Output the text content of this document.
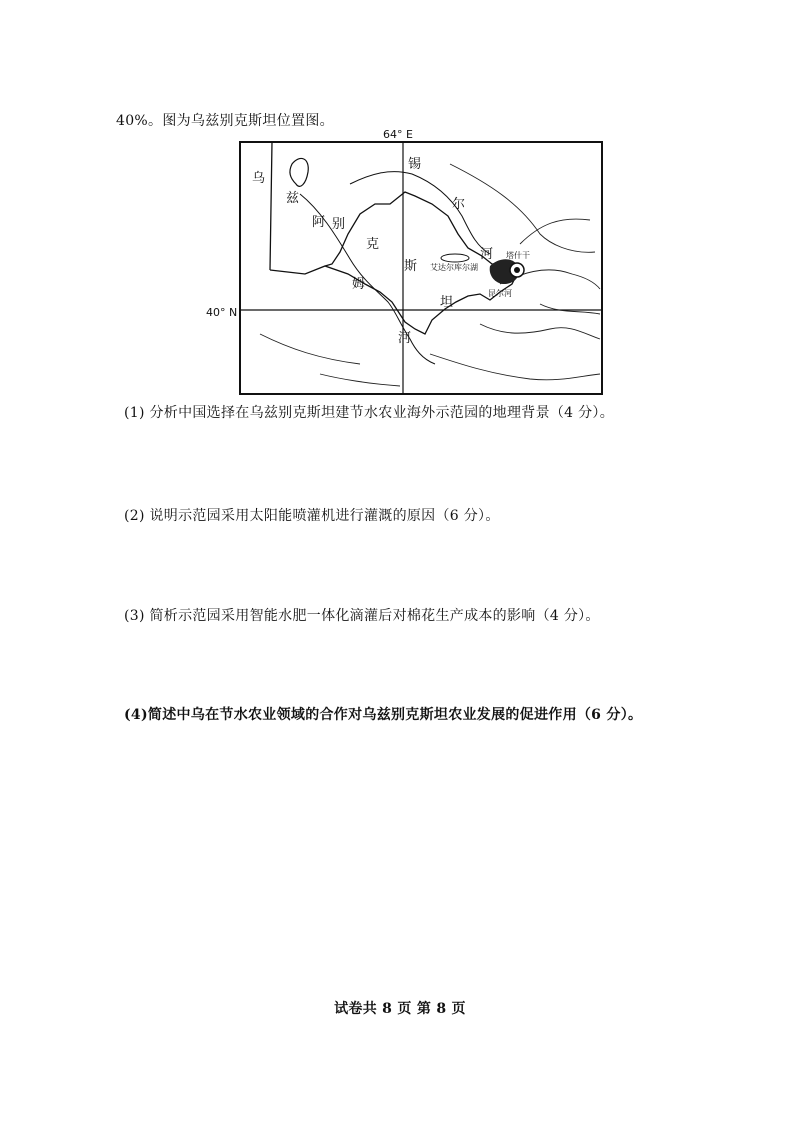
40%。图为乌兹别克斯坦位置图。
64° E
40° N
乌
兹
别
克
斯
坦
阿
姆
河
锡
尔
河
艾达尔库尔湖
塔什干
昆尔河
(1) 分析中国选择在乌兹别克斯坦建节水农业海外示范园的地理背景（4 分）。
(2) 说明示范园采用太阳能喷灌机进行灌溉的原因（6 分）。
(3) 简析示范园采用智能水肥一体化滴灌后对棉花生产成本的影响（4 分）。
(4)简述中乌在节水农业领域的合作对乌兹别克斯坦农业发展的促进作用（6 分）。
试卷共 8 页 第 8 页
